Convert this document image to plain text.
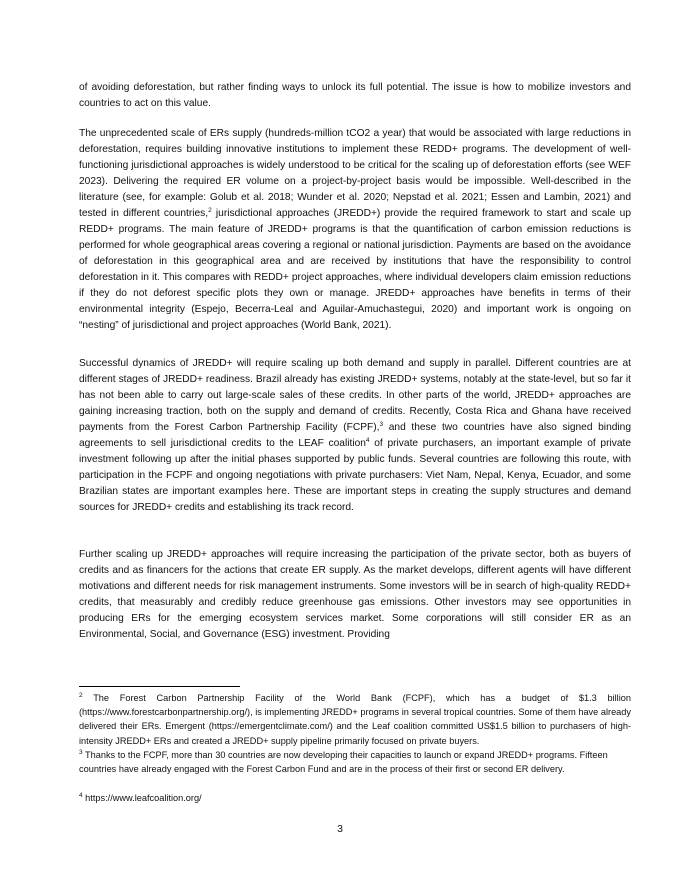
of avoiding deforestation, but rather finding ways to unlock its full potential. The issue is how to mobilize investors and countries to act on this value.

The unprecedented scale of ERs supply (hundreds-million tCO2 a year) that would be associated with large reductions in deforestation, requires building innovative institutions to implement these REDD+ programs. The development of well-functioning jurisdictional approaches is widely understood to be critical for the scaling up of deforestation efforts (see WEF 2023). Delivering the required ER volume on a project-by-project basis would be impossible. Well-described in the literature (see, for example: Golub et al. 2018; Wunder et al. 2020; Nepstad et al. 2021; Essen and Lambin, 2021) and tested in different countries,$^2$ jurisdictional approaches (JREDD+) provide the required framework to start and scale up REDD+ programs. The main feature of JREDD+ programs is that the quantification of carbon emission reductions is performed for whole geographical areas covering a regional or national jurisdiction. Payments are based on the avoidance of deforestation in this geographical area and are received by institutions that have the responsibility to control deforestation in it. This compares with REDD+ project approaches, where individual developers claim emission reductions if they do not deforest specific plots they own or manage. JREDD+ approaches have benefits in terms of their environmental integrity (Espejo, Becerra-Leal and Aguilar-Amuchastegui, 2020) and important work is ongoing on “nesting” of jurisdictional and project approaches (World Bank, 2021).

Successful dynamics of JREDD+ will require scaling up both demand and supply in parallel. Different countries are at different stages of JREDD+ readiness. Brazil already has existing JREDD+ systems, notably at the state-level, but so far it has not been able to carry out large-scale sales of these credits. In other parts of the world, JREDD+ approaches are gaining increasing traction, both on the supply and demand of credits. Recently, Costa Rica and Ghana have received payments from the Forest Carbon Partnership Facility (FCPF),$^3$ and these two countries have also signed binding agreements to sell jurisdictional credits to the LEAF coalition$^4$ of private purchasers, an important example of private investment following up after the initial phases supported by public funds. Several countries are following this route, with participation in the FCPF and ongoing negotiations with private purchasers: Viet Nam, Nepal, Kenya, Ecuador, and some Brazilian states are important examples here. These are important steps in creating the supply structures and demand sources for JREDD+ credits and establishing its track record.

Further scaling up JREDD+ approaches will require increasing the participation of the private sector, both as buyers of credits and as financers for the actions that create ER supply. As the market develops, different agents will have different motivations and different needs for risk management instruments. Some investors will be in search of high-quality REDD+ credits, that measurably and credibly reduce greenhouse gas emissions. Other investors may see opportunities in producing ERs for the emerging ecosystem services market. Some corporations will still consider ER as an Environmental, Social, and Governance (ESG) investment. Providing

$^2$ The Forest Carbon Partnership Facility of the World Bank (FCPF), which has a budget of $1.3 billion (https://www.forestcarbonpartnership.org/), is implementing JREDD+ programs in several tropical countries. Some of them have already delivered their ERs. Emergent (https://emergentclimate.com/) and the Leaf coalition committed US$1.5 billion to purchasers of high-intensity JREDD+ ERs and created a JREDD+ supply pipeline primarily focused on private buyers.

$^3$ Thanks to the FCPF, more than 30 countries are now developing their capacities to launch or expand JREDD+ programs. Fifteen countries have already engaged with the Forest Carbon Fund and are in the process of their first or second ER delivery.

$^4$ https://www.leafcoalition.org/

3
